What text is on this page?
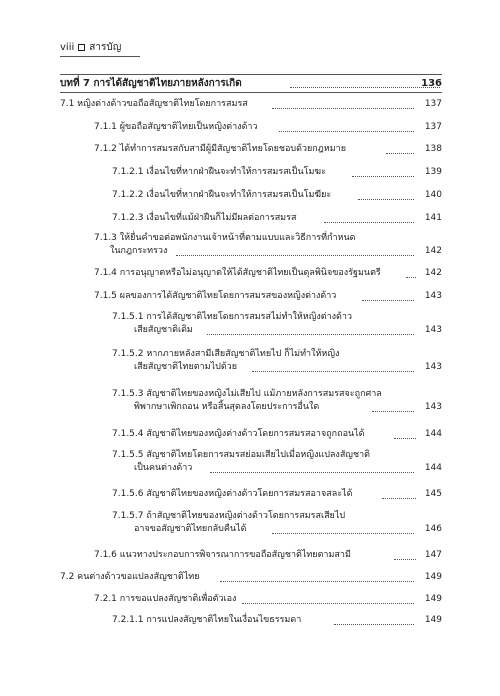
viii สารบัญ
บทที่ 7 การได้สัญชาติไทยภายหลังการเกิด	136
7.1 หญิงต่างด้าวขอถือสัญชาติไทยโดยการสมรส	137
7.1.1 ผู้ขอถือสัญชาติไทยเป็นหญิงต่างด้าว	137
7.1.2 ได้ทำการสมรสกับสามีผู้มีสัญชาติไทยโดยชอบด้วยกฎหมาย	138
7.1.2.1 เงื่อนไขที่หากฝ่าฝืนจะทำให้การสมรสเป็นโมฆะ	139
7.1.2.2 เงื่อนไขที่หากฝ่าฝืนจะทำให้การสมรสเป็นโมฆียะ	140
7.1.2.3 เงื่อนไขที่แม้ฝ่าฝืนก็ไม่มีผลต่อการสมรส	141
7.1.3 ให้ยื่นคำขอต่อพนักงานเจ้าหน้าที่ตามแบบและวิธีการที่กำหนด
ในกฎกระทรวง	142
7.1.4 การอนุญาตหรือไม่อนุญาตให้ได้สัญชาติไทยเป็นดุลพินิจของรัฐมนตรี	142
7.1.5 ผลของการได้สัญชาติไทยโดยการสมรสของหญิงต่างด้าว	143
7.1.5.1 การได้สัญชาติไทยโดยการสมรสไม่ทำให้หญิงต่างด้าว
เสียสัญชาติเดิม	143
7.1.5.2 หากภายหลังสามีเสียสัญชาติไทยไป ก็ไม่ทำให้หญิง
เสียสัญชาติไทยตามไปด้วย	143
7.1.5.3 สัญชาติไทยของหญิงไม่เสียไป แม้ภายหลังการสมรสจะถูกศาล
พิพากษาเพิกถอน หรือสิ้นสุดลงโดยประการอื่นใด	143
7.1.5.4 สัญชาติไทยของหญิงต่างด้าวโดยการสมรสอาจถูกถอนได้	144
7.1.5.5 สัญชาติไทยโดยการสมรสย่อมเสียไปเมื่อหญิงแปลงสัญชาติ
เป็นคนต่างด้าว	144
7.1.5.6 สัญชาติไทยของหญิงต่างด้าวโดยการสมรสอาจสละได้	145
7.1.5.7 ถ้าสัญชาติไทยของหญิงต่างด้าวโดยการสมรสเสียไป
อาจขอสัญชาติไทยกลับคืนได้	146
7.1.6 แนวทางประกอบการพิจารณาการขอถือสัญชาติไทยตามสามี	147
7.2 คนต่างด้าวขอแปลงสัญชาติไทย	149
7.2.1 การขอแปลงสัญชาติเพื่อตัวเอง	149
7.2.1.1 การแปลงสัญชาติไทยในเงื่อนไขธรรมดา	149
